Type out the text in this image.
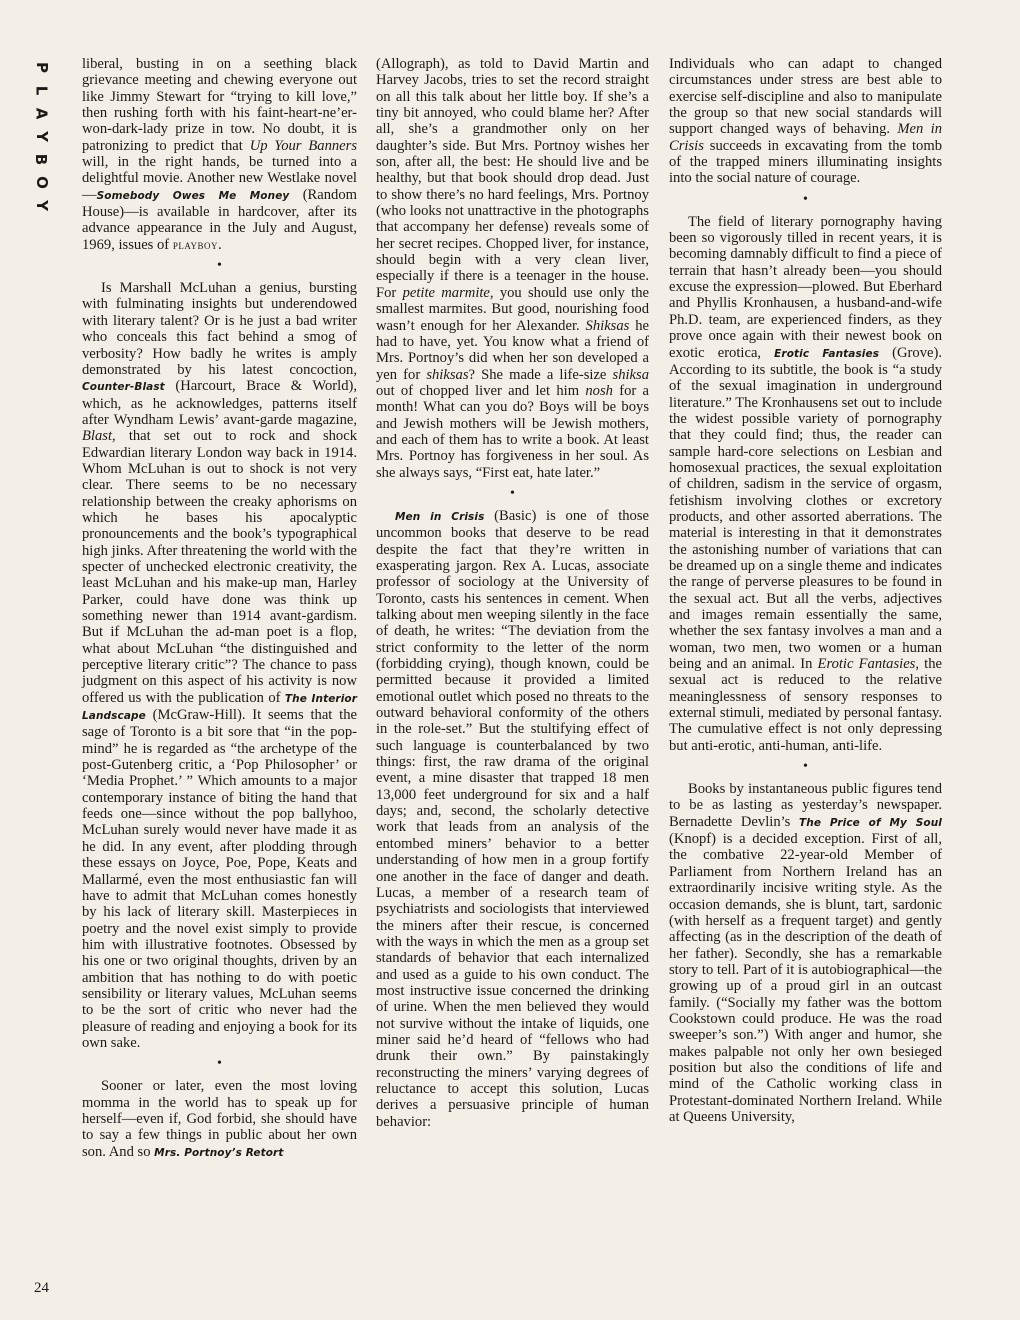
P
L
A
Y
B
O
Y
24

liberal, busting in on a seething black grievance meeting and chewing everyone out like Jimmy Stewart for “trying to kill love,” then rushing forth with his faint-heart-ne’er-won-dark-lady prize in tow. No doubt, it is patronizing to predict that Up Your Banners will, in the right hands, be turned into a delightful movie. Another new Westlake novel—Somebody Owes Me Money (Random House)—is available in hardcover, after its advance appearance in the July and August, 1969, issues of playboy.

•

Is Marshall McLuhan a genius, bursting with fulminating insights but underendowed with literary talent? Or is he just a bad writer who conceals this fact behind a smog of verbosity? How badly he writes is amply demonstrated by his latest concoction, Counter-Blast (Harcourt, Brace & World), which, as he acknowledges, patterns itself after Wyndham Lewis’ avant-garde magazine, Blast, that set out to rock and shock Edwardian literary London way back in 1914. Whom McLuhan is out to shock is not very clear. There seems to be no necessary relationship between the creaky aphorisms on which he bases his apocalyptic pronouncements and the book’s typographical high jinks. After threatening the world with the specter of unchecked electronic creativity, the least McLuhan and his make-up man, Harley Parker, could have done was think up something newer than 1914 avant-gardism. But if McLuhan the ad-man poet is a flop, what about McLuhan “the distinguished and perceptive literary critic”? The chance to pass judgment on this aspect of his activity is now offered us with the publication of The Interior Landscape (McGraw-Hill). It seems that the sage of Toronto is a bit sore that “in the pop-mind” he is regarded as “the archetype of the post-Gutenberg critic, a ‘Pop Philosopher’ or ‘Media Prophet.’ ” Which amounts to a major contemporary instance of biting the hand that feeds one—since without the pop ballyhoo, McLuhan surely would never have made it as he did. In any event, after plodding through these essays on Joyce, Poe, Pope, Keats and Mallarmé, even the most enthusiastic fan will have to admit that McLuhan comes honestly by his lack of literary skill. Masterpieces in poetry and the novel exist simply to provide him with illustrative footnotes. Obsessed by his one or two original thoughts, driven by an ambition that has nothing to do with poetic sensibility or literary values, McLuhan seems to be the sort of critic who never had the pleasure of reading and enjoying a book for its own sake.

•

Sooner or later, even the most loving momma in the world has to speak up for herself—even if, God forbid, she should have to say a few things in public about her own son. And so Mrs. Portnoy’s Retort

(Allograph), as told to David Martin and Harvey Jacobs, tries to set the record straight on all this talk about her little boy. If she’s a tiny bit annoyed, who could blame her? After all, she’s a grandmother only on her daughter’s side. But Mrs. Portnoy wishes her son, after all, the best: He should live and be healthy, but that book should drop dead. Just to show there’s no hard feelings, Mrs. Portnoy (who looks not unattractive in the photographs that accompany her defense) reveals some of her secret recipes. Chopped liver, for instance, should begin with a very clean liver, especially if there is a teenager in the house. For petite marmite, you should use only the smallest marmites. But good, nourishing food wasn’t enough for her Alexander. Shiksas he had to have, yet. You know what a friend of Mrs. Portnoy’s did when her son developed a yen for shiksas? She made a life-size shiksa out of chopped liver and let him nosh for a month! What can you do? Boys will be boys and Jewish mothers will be Jewish mothers, and each of them has to write a book. At least Mrs. Portnoy has forgiveness in her soul. As she always says, “First eat, hate later.”

•

Men in Crisis (Basic) is one of those uncommon books that deserve to be read despite the fact that they’re written in exasperating jargon. Rex A. Lucas, associate professor of sociology at the University of Toronto, casts his sentences in cement. When talking about men weeping silently in the face of death, he writes: “The deviation from the strict conformity to the letter of the norm (forbidding crying), though known, could be permitted because it provided a limited emotional outlet which posed no threats to the outward behavioral conformity of the others in the role-set.” But the stultifying effect of such language is counterbalanced by two things: first, the raw drama of the original event, a mine disaster that trapped 18 men 13,000 feet underground for six and a half days; and, second, the scholarly detective work that leads from an analysis of the entombed miners’ behavior to a better understanding of how men in a group fortify one another in the face of danger and death. Lucas, a member of a research team of psychiatrists and sociologists that interviewed the miners after their rescue, is concerned with the ways in which the men as a group set standards of behavior that each internalized and used as a guide to his own conduct. The most instructive issue concerned the drinking of urine. When the men believed they would not survive without the intake of liquids, one miner said he’d heard of “fellows who had drunk their own.” By painstakingly reconstructing the miners’ varying degrees of reluctance to accept this solution, Lucas derives a persuasive principle of human behavior:

Individuals who can adapt to changed circumstances under stress are best able to exercise self-discipline and also to manipulate the group so that new social standards will support changed ways of behaving. Men in Crisis succeeds in excavating from the tomb of the trapped miners illuminating insights into the social nature of courage.

•

The field of literary pornography having been so vigorously tilled in recent years, it is becoming damnably difficult to find a piece of terrain that hasn’t already been—you should excuse the expression—plowed. But Eberhard and Phyllis Kronhausen, a husband-and-wife Ph.D. team, are experienced finders, as they prove once again with their newest book on exotic erotica, Erotic Fantasies (Grove). According to its subtitle, the book is “a study of the sexual imagination in underground literature.” The Kronhausens set out to include the widest possible variety of pornography that they could find; thus, the reader can sample hard-core selections on Lesbian and homosexual practices, the sexual exploitation of children, sadism in the service of orgasm, fetishism involving clothes or excretory products, and other assorted aberrations. The material is interesting in that it demonstrates the astonishing number of variations that can be dreamed up on a single theme and indicates the range of perverse pleasures to be found in the sexual act. But all the verbs, adjectives and images remain essentially the same, whether the sex fantasy involves a man and a woman, two men, two women or a human being and an animal. In Erotic Fantasies, the sexual act is reduced to the relative meaninglessness of sensory responses to external stimuli, mediated by personal fantasy. The cumulative effect is not only depressing but anti-erotic, anti-human, anti-life.

•

Books by instantaneous public figures tend to be as lasting as yesterday’s newspaper. Bernadette Devlin’s The Price of My Soul (Knopf) is a decided exception. First of all, the combative 22-year-old Member of Parliament from Northern Ireland has an extraordinarily incisive writing style. As the occasion demands, she is blunt, tart, sardonic (with herself as a frequent target) and gently affecting (as in the description of the death of her father). Secondly, she has a remarkable story to tell. Part of it is autobiographical—the growing up of a proud girl in an outcast family. (“Socially my father was the bottom Cookstown could produce. He was the road sweeper’s son.”) With anger and humor, she makes palpable not only her own besieged position but also the conditions of life and mind of the Catholic working class in Protestant-dominated Northern Ireland. While at Queens University,
